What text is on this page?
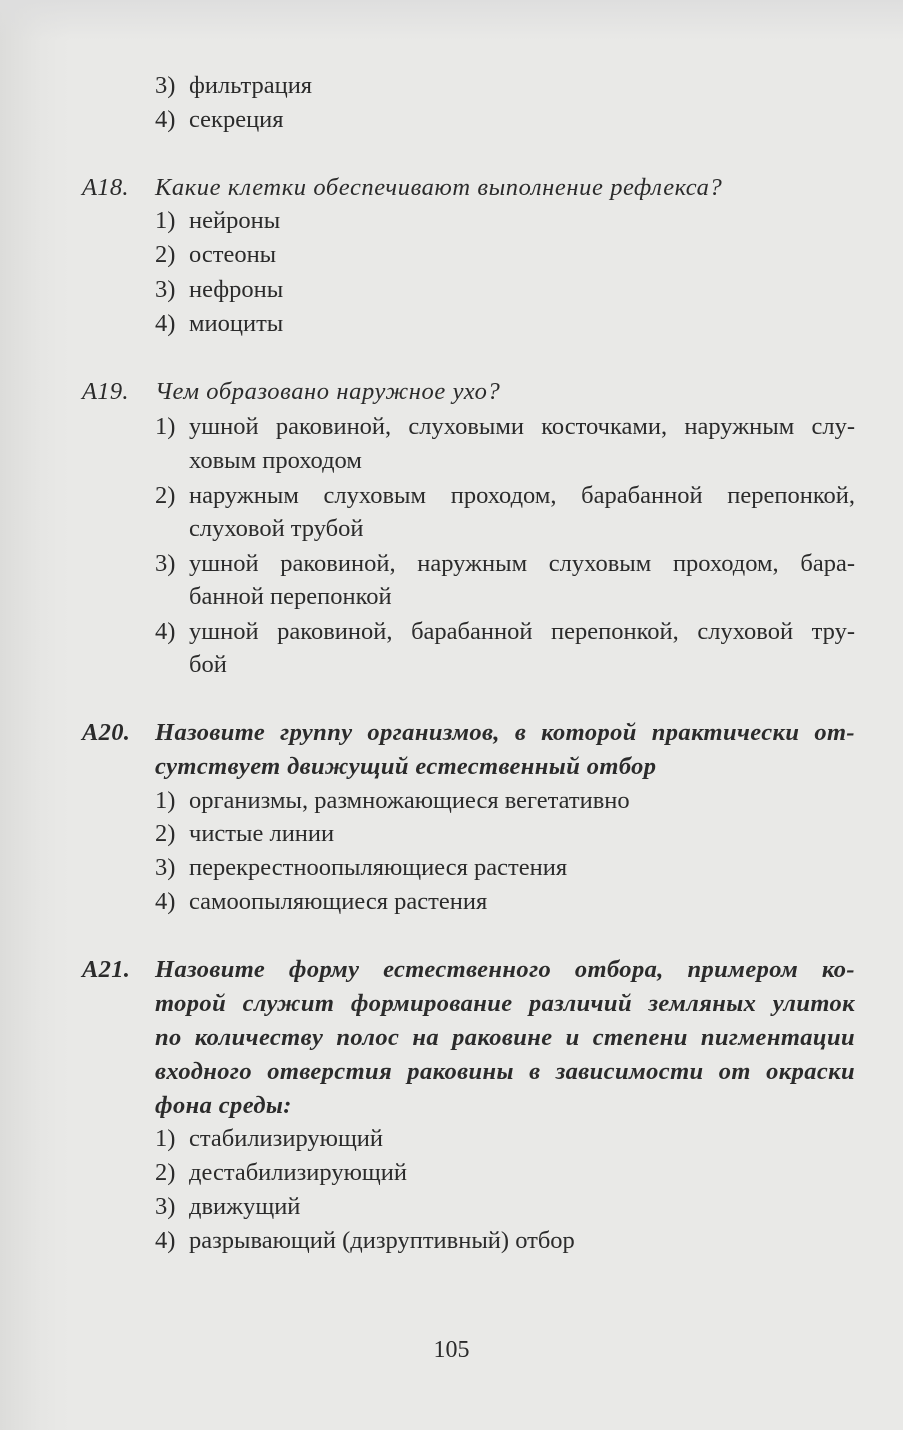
3) фильтрация
4) секреция
А18. Какие клетки обеспечивают выполнение рефлекса?
1) нейроны
2) остеоны
3) нефроны
4) миоциты
А19. Чем образовано наружное ухо?
1) ушной раковиной, слуховыми косточками, наружным слу-
ховым проходом
2) наружным слуховым проходом, барабанной перепонкой,
слуховой трубой
3) ушной раковиной, наружным слуховым проходом, бара-
банной перепонкой
4) ушной раковиной, барабанной перепонкой, слуховой тру-
бой
А20. Назовите группу организмов, в которой практически от-
сутствует движущий естественный отбор
1) организмы, размножающиеся вегетативно
2) чистые линии
3) перекрестноопыляющиеся растения
4) самоопыляющиеся растения
А21. Назовите форму естественного отбора, примером ко-
торой служит формирование различий земляных улиток
по количеству полос на раковине и степени пигментации
входного отверстия раковины в зависимости от окраски
фона среды:
1) стабилизирующий
2) дестабилизирующий
3) движущий
4) разрывающий (дизруптивный) отбор
105
